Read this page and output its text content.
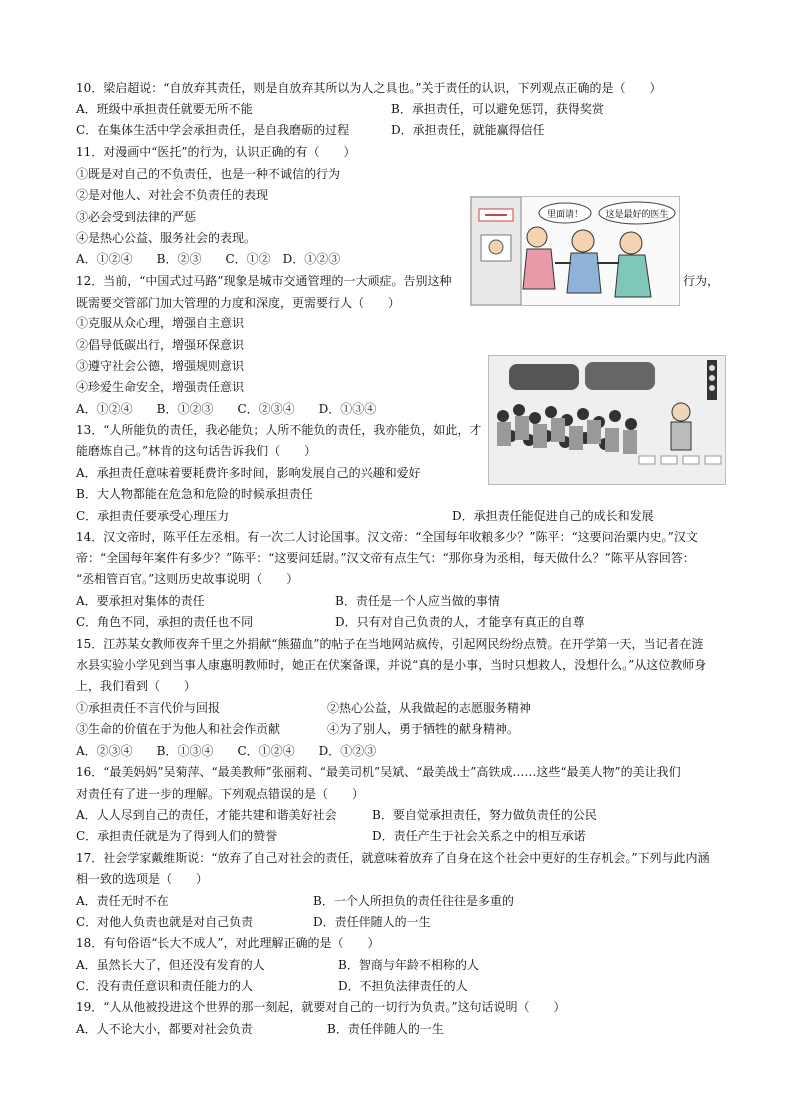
10．梁启超说：“自放弃其责任，则是自放弃其所以为人之具也。”关于责任的认识，下列观点正确的是（　　）
A．班级中承担责任就要无所不能	B．承担责任，可以避免惩罚，获得奖赏
C．在集体生活中学会承担责任，是自我磨砺的过程	D．承担责任，就能赢得信任
11．对漫画中“医托”的行为，认识正确的有（　　）
①既是对自己的不负责任，也是一种不诚信的行为
②是对他人、对社会不负责任的表现
③必会受到法律的严惩
④是热心公益、服务社会的表现。
A．①②④　　B．②③　　C．①②　D．①②③
里面请！ 这是最好的医生
12．当前，“中国式过马路”现象是城市交通管理的一大顽症。告别这种	行为，
既需要交管部门加大管理的力度和深度，更需要行人（　　）
①克服从众心理，增强自主意识
②倡导低碳出行，增强环保意识
③遵守社会公德，增强规则意识
④珍爱生命安全，增强责任意识
A．①②④　　B．①②③　　C．②③④　　D．①③④
13．“人所能负的责任，我必能负；人所不能负的责任，我亦能负，如此，才
能磨炼自己。”林肯的这句话告诉我们（　　）
A．承担责任意味着要耗费许多时间，影响发展自己的兴趣和爱好
B．大人物都能在危急和危险的时候承担责任
C．承担责任要承受心理压力	D．承担责任能促进自己的成长和发展
14．汉文帝时，陈平任左丞相。有一次二人讨论国事。汉文帝：“全国每年收粮多少？”陈平：“这要问治粟内史。”汉文
帝：“全国每年案件有多少？”陈平：“这要问廷尉。”汉文帝有点生气：“那你身为丞相，每天做什么？”陈平从容回答：
“丞相管百官。”这则历史故事说明（　　）
A．要承担对集体的责任	B．责任是一个人应当做的事情
C．角色不同，承担的责任也不同	D．只有对自己负责的人，才能享有真正的自尊
15．江苏某女教师夜奔千里之外捐献“熊猫血”的帖子在当地网站疯传，引起网民纷纷点赞。在开学第一天，当记者在涟
水县实验小学见到当事人康惠明教师时，她正在伏案备课，并说“真的是小事，当时只想救人，没想什么。”从这位教师身
上，我们看到（　　）
①承担责任不言代价与回报	②热心公益，从我做起的志愿服务精神
③生命的价值在于为他人和社会作贡献	④为了别人，勇于牺牲的献身精神。
A．②③④　　B．①③④　　C．①②④　　D．①②③
16．“最美妈妈”吴菊萍、“最美教师”张丽莉、“最美司机”吴斌、“最美战士”高铁成……这些“最美人物”的美让我们
对责任有了进一步的理解。下列观点错误的是（　　）
A．人人尽到自己的责任，才能共建和谐美好社会	B．要自觉承担责任，努力做负责任的公民
C．承担责任就是为了得到人们的赞誉	D．责任产生于社会关系之中的相互承诺
17．社会学家戴维斯说：“放弃了自己对社会的责任，就意味着放弃了自身在这个社会中更好的生存机会。”下列与此内涵
相一致的选项是（　　）
A．责任无时不在	B．一个人所担负的责任往往是多重的
C．对他人负责也就是对自己负责	D．责任伴随人的一生
18．有句俗语“长大不成人”，对此理解正确的是（　　）
A．虽然长大了，但还没有发育的人	B．智商与年龄不相称的人
C．没有责任意识和责任能力的人	D．不担负法律责任的人
19．“人从他被投进这个世界的那一刻起，就要对自己的一切行为负责。”这句话说明（　　）
A．人不论大小，都要对社会负责	B．责任伴随人的一生
